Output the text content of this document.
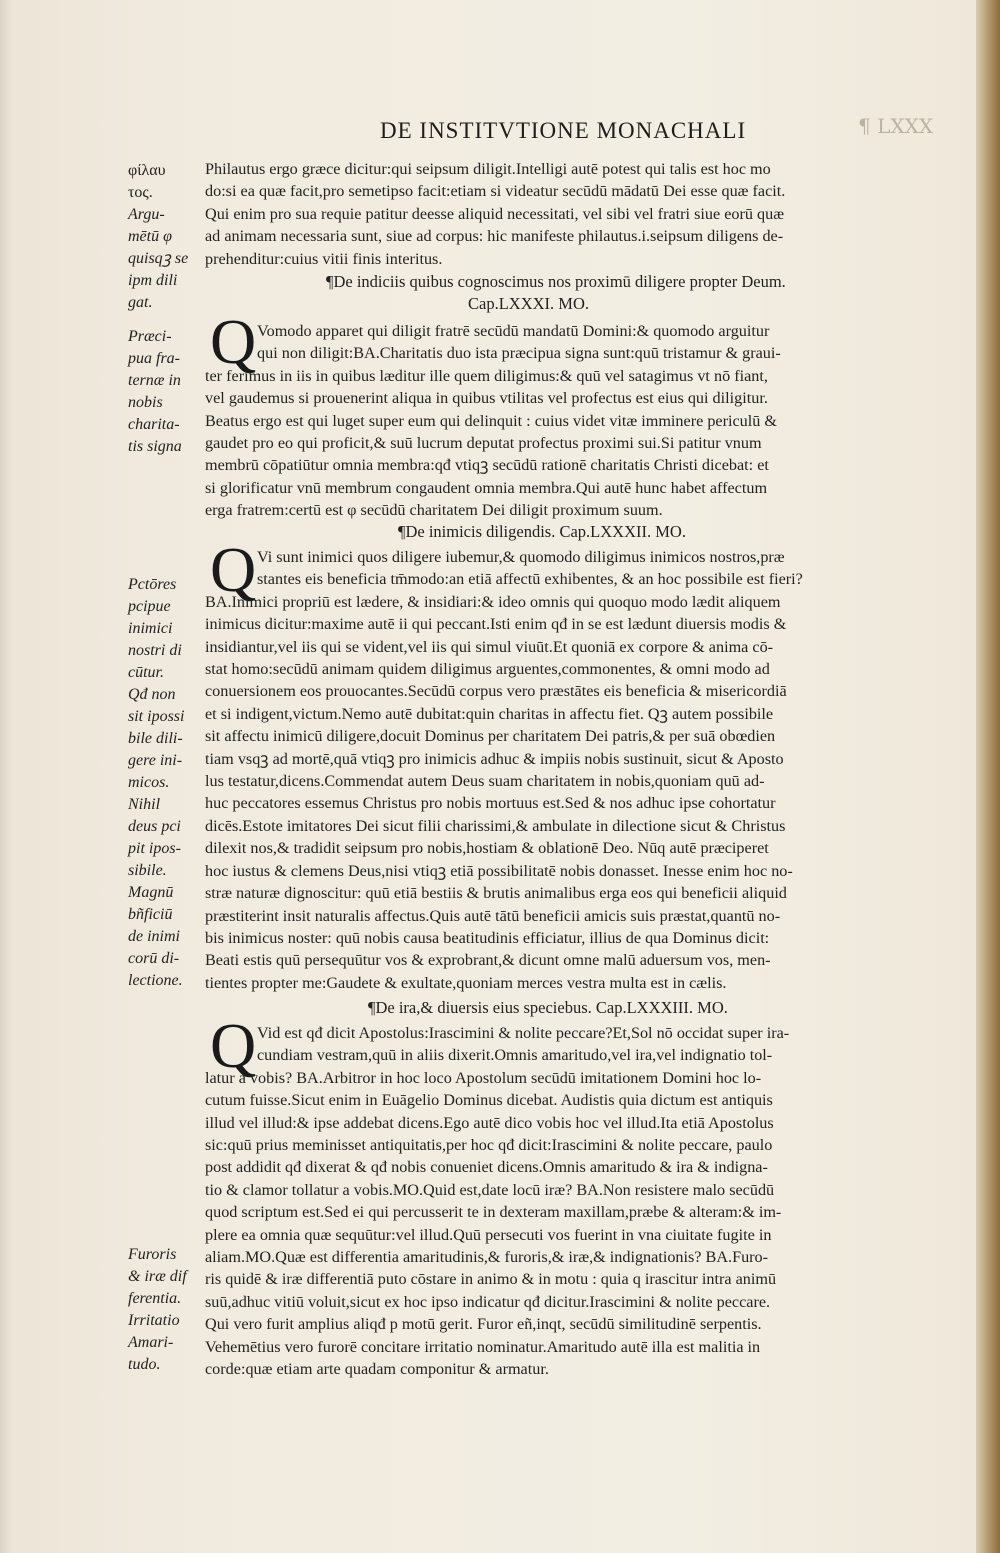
DE INSTITVTIONE MONACHALI	¶ LXXX
φίλαυ
τος.
Argu-
mētū φ
quisqꝫ se
ipm dili
gat.
Præci-
pua fra-
ternæ in
nobis
charita-
tis signa
Pctōres
pcipue
inimici
nostri di
cūtur.
Qđ non
sit ipossi
bile dili-
gere ini-
micos.
Nihil
deus pci
pit ipos-
sibile.
Magnū
bñficiū
de inimi
corū di-
lectione.
Furoris
& iræ dif
ferentia.
Irritatio
Amari-
tudo.
Philautus ergo græce dicitur:qui seipsum diligit.Intelligi autē potest qui talis est hoc mo
do:si ea quæ facit,pro semetipso facit:etiam si videatur secūdū mādatū Dei esse quæ facit.
Qui enim pro sua requie patitur deesse aliquid necessitati, vel sibi vel fratri siue eorū quæ
ad animam necessaria sunt, siue ad corpus: hic manifeste philautus.i.seipsum diligens de-
prehenditur:cuius vitii finis interitus.
¶De indiciis quibus cognoscimus nos proximū diligere propter Deum.
Cap.LXXXI. MO.
Q Vomodo apparet qui diligit fratrē secūdū mandatū Domini:& quomodo arguitur
qui non diligit:BA.Charitatis duo ista præcipua signa sunt:quū tristamur & graui-
ter ferimus in iis in quibus læditur ille quem diligimus:& quū vel satagimus vt nō fiant,
vel gaudemus si prouenerint aliqua in quibus vtilitas vel profectus est eius qui diligitur.
Beatus ergo est qui luget super eum qui delinquit : cuius videt vitæ imminere periculū &
gaudet pro eo qui proficit,& suū lucrum deputat profectus proximi sui.Si patitur vnum
membrū cōpatiūtur omnia membra:qđ vtiqꝫ secūdū rationē charitatis Christi dicebat: et
si glorificatur vnū membrum congaudent omnia membra.Qui autē hunc habet affectum
erga fratrem:certū est φ secūdū charitatem Dei diligit proximum suum.
¶De inimicis diligendis. Cap.LXXXII. MO.
Q Vi sunt inimici quos diligere iubemur,& quomodo diligimus inimicos nostros,præ
stantes eis beneficia tm̄modo:an etiā affectū exhibentes, & an hoc possibile est fieri?
BA.Inimici propriū est lædere, & insidiari:& ideo omnis qui quoquo modo lædit aliquem
inimicus dicitur:maxime autē ii qui peccant.Isti enim qđ in se est lædunt diuersis modis &
insidiantur,vel iis qui se vident,vel iis qui simul viuūt.Et quoniā ex corpore & anima cō-
stat homo:secūdū animam quidem diligimus arguentes,commonentes, & omni modo ad
conuersionem eos prouocantes.Secūdū corpus vero præstātes eis beneficia & misericordiā
et si indigent,victum.Nemo autē dubitat:quin charitas in affectu fiet. Qꝫ autem possibile
sit affectu inimicū diligere,docuit Dominus per charitatem Dei patris,& per suā obœdien
tiam vsqꝫ ad mortē,quā vtiqꝫ pro inimicis adhuc & impiis nobis sustinuit, sicut & Aposto
lus testatur,dicens.Commendat autem Deus suam charitatem in nobis,quoniam quū ad-
huc peccatores essemus Christus pro nobis mortuus est.Sed & nos adhuc ipse cohortatur
dicēs.Estote imitatores Dei sicut filii charissimi,& ambulate in dilectione sicut & Christus
dilexit nos,& tradidit seipsum pro nobis,hostiam & oblationē Deo. Nūq autē præciperet
hoc iustus & clemens Deus,nisi vtiqꝫ etiā possibilitatē nobis donasset. Inesse enim hoc no-
stræ naturæ dignoscitur: quū etiā bestiis & brutis animalibus erga eos qui beneficii aliquid
præstiterint insit naturalis affectus.Quis autē tātū beneficii amicis suis præstat,quantū no-
bis inimicus noster: quū nobis causa beatitudinis efficiatur, illius de qua Dominus dicit:
Beati estis quū persequūtur vos & exprobrant,& dicunt omne malū aduersum vos, men-
tientes propter me:Gaudete & exultate,quoniam merces vestra multa est in cælis.
¶De ira,& diuersis eius speciebus. Cap.LXXXIII. MO.
Q Vid est qđ dicit Apostolus:Irascimini & nolite peccare?Et,Sol nō occidat super ira-
cundiam vestram,quū in aliis dixerit.Omnis amaritudo,vel ira,vel indignatio tol-
latur a vobis? BA.Arbitror in hoc loco Apostolum secūdū imitationem Domini hoc lo-
cutum fuisse.Sicut enim in Euāgelio Dominus dicebat. Audistis quia dictum est antiquis
illud vel illud:& ipse addebat dicens.Ego autē dico vobis hoc vel illud.Ita etiā Apostolus
sic:quū prius meminisset antiquitatis,per hoc qđ dicit:Irascimini & nolite peccare, paulo
post addidit qđ dixerat & qđ nobis conueniet dicens.Omnis amaritudo & ira & indigna-
tio & clamor tollatur a vobis.MO.Quid est,date locū iræ? BA.Non resistere malo secūdū
quod scriptum est.Sed ei qui percusserit te in dexteram maxillam,præbe & alteram:& im-
plere ea omnia quæ sequūtur:vel illud.Quū persecuti vos fuerint in vna ciuitate fugite in
aliam.MO.Quæ est differentia amaritudinis,& furoris,& iræ,& indignationis? BA.Furo-
ris quidē & iræ differentiā puto cōstare in animo & in motu : quia q irascitur intra animū
suū,adhuc vitiū voluit,sicut ex hoc ipso indicatur qđ dicitur.Irascimini & nolite peccare.
Qui vero furit amplius aliqđ p motū gerit. Furor eñ,inqt, secūdū similitudinē serpentis.
Vehemētius vero furorē concitare irritatio nominatur.Amaritudo autē illa est malitia in
corde:quæ etiam arte quadam componitur & armatur.
